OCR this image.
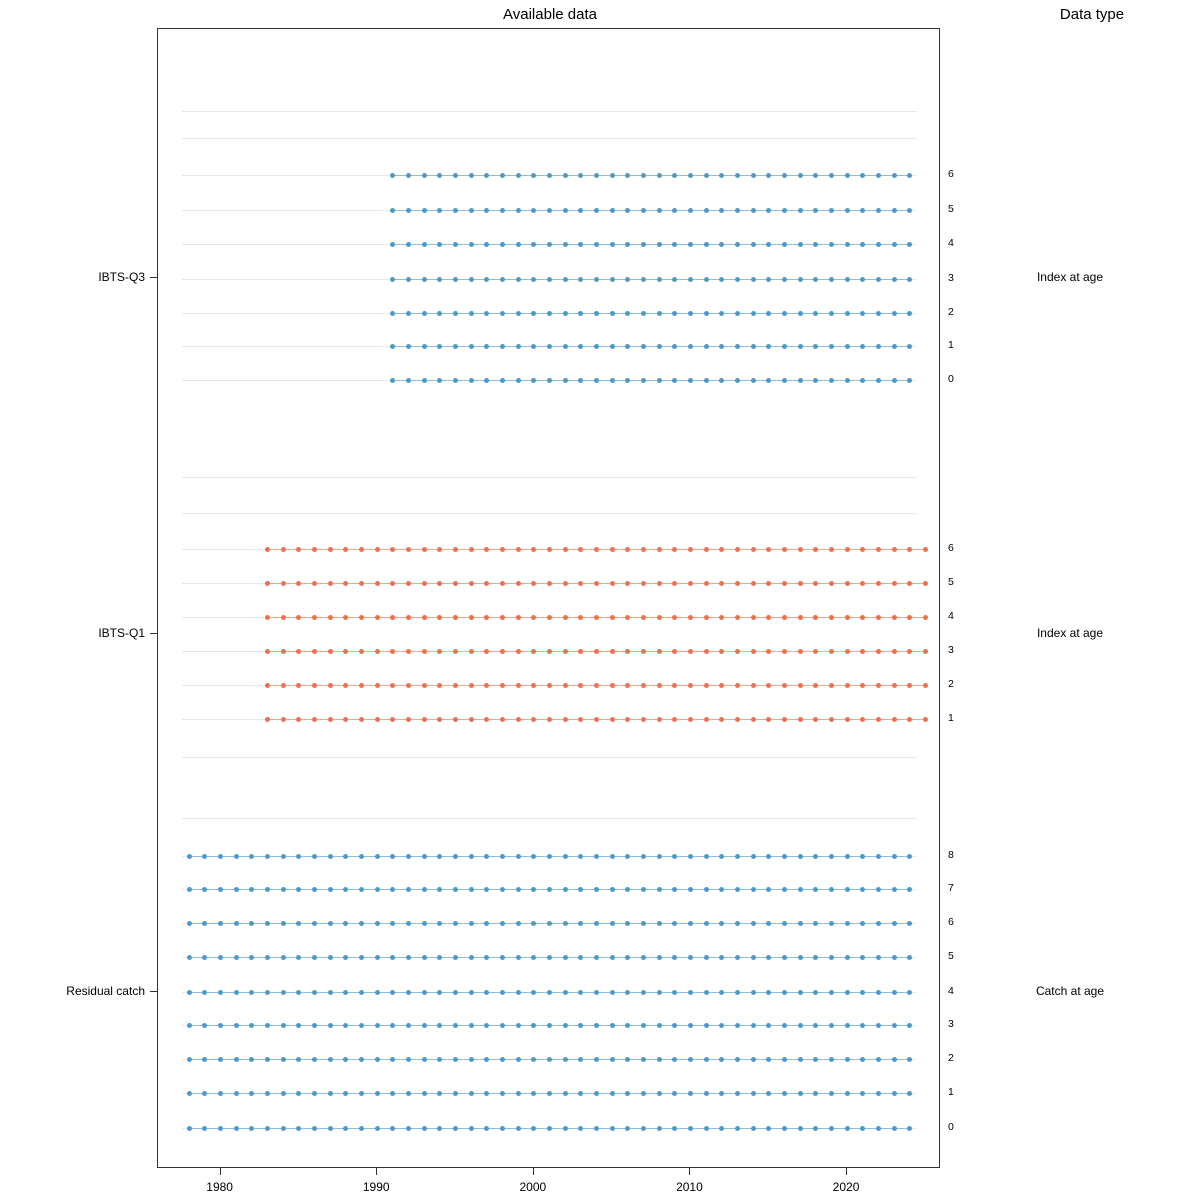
Available data	Data type
6
5
4
3
2
1
0
IBTS-Q3	Index at age
6
5
4
3
2
1
IBTS-Q1	Index at age
8
7
6
5
4
3
2
1
0
Residual catch	Catch at age
1980	1990	2000	2010	2020
